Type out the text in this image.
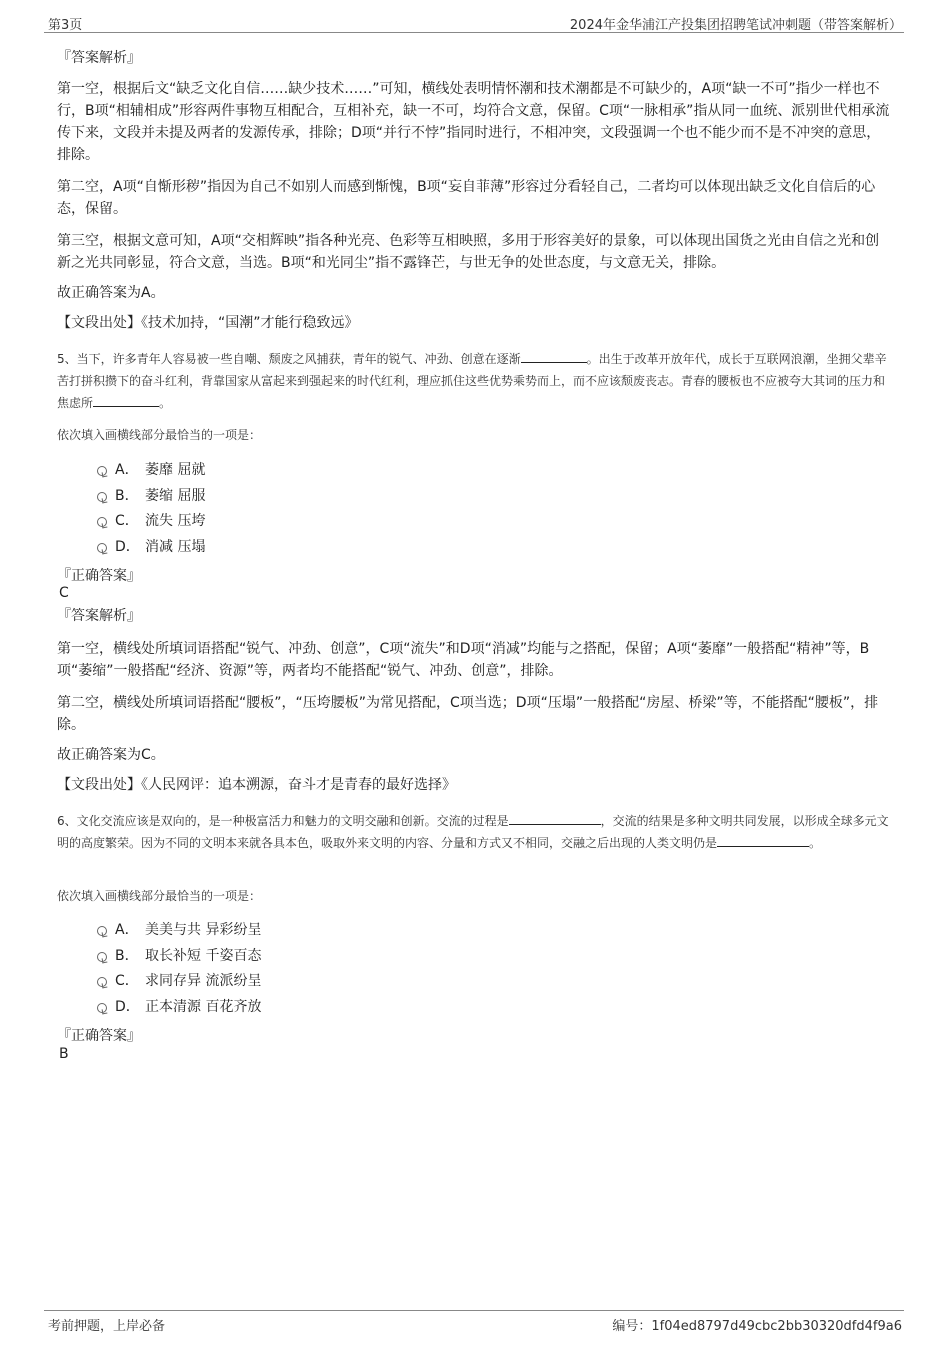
第3页	2024年金华浦江产投集团招聘笔试冲刺题（带答案解析）
『答案解析』

第一空，根据后文“缺乏文化自信……缺少技术……”可知，横线处表明情怀潮和技术潮都是不可缺少的，A项“缺一不可”指少一样也不行，B项“相辅相成”形容两件事物互相配合，互相补充，缺一不可，均符合文意，保留。C项“一脉相承”指从同一血统、派别世代相承流传下来，文段并未提及两者的发源传承，排除；D项“并行不悖”指同时进行，不相冲突，文段强调一个也不能少而不是不冲突的意思，排除。

第二空，A项“自惭形秽”指因为自己不如别人而感到惭愧，B项“妄自菲薄”形容过分看轻自己，二者均可以体现出缺乏文化自信后的心态，保留。

第三空，根据文意可知，A项“交相辉映”指各种光亮、色彩等互相映照，多用于形容美好的景象，可以体现出国货之光由自信之光和创新之光共同彰显，符合文意，当选。B项“和光同尘”指不露锋芒，与世无争的处世态度，与文意无关，排除。

故正确答案为A。

【文段出处】《技术加持，“国潮”才能行稳致远》

5、当下，许多青年人容易被一些自嘲、颓废之风捕获，青年的锐气、冲劲、创意在逐渐	。出生于改革开放年代，成长于互联网浪潮，坐拥父辈辛苦打拼积攒下的奋斗红利，背靠国家从富起来到强起来的时代红利，理应抓住这些优势乘势而上，而不应该颓废丧志。青春的腰板也不应被夸大其词的压力和焦虑所	。
依次填入画横线部分最恰当的一项是：
A． 萎靡 屈就
B． 萎缩 屈服
C． 流失 压垮
D． 消减 压塌
『正确答案』
C
『答案解析』

第一空，横线处所填词语搭配“锐气、冲劲、创意”，C项“流失”和D项“消减”均能与之搭配，保留；A项“萎靡”一般搭配“精神”等，B项“萎缩”一般搭配“经济、资源”等，两者均不能搭配“锐气、冲劲、创意”，排除。

第二空，横线处所填词语搭配“腰板”，“压垮腰板”为常见搭配，C项当选；D项“压塌”一般搭配“房屋、桥梁”等，不能搭配“腰板”，排除。

故正确答案为C。

【文段出处】《人民网评：追本溯源，奋斗才是青春的最好选择》

6、文化交流应该是双向的，是一种极富活力和魅力的文明交融和创新。交流的过程是	，交流的结果是多种文明共同发展，以形成全球多元文明的高度繁荣。因为不同的文明本来就各具本色，吸取外来文明的内容、分量和方式又不相同，交融之后出现的人类文明仍是	。
依次填入画横线部分最恰当的一项是：
A． 美美与共 异彩纷呈
B． 取长补短 千姿百态
C． 求同存异 流派纷呈
D． 正本清源 百花齐放
『正确答案』
B
考前押题，上岸必备	编号：1f04ed8797d49cbc2bb30320dfd4f9a6
